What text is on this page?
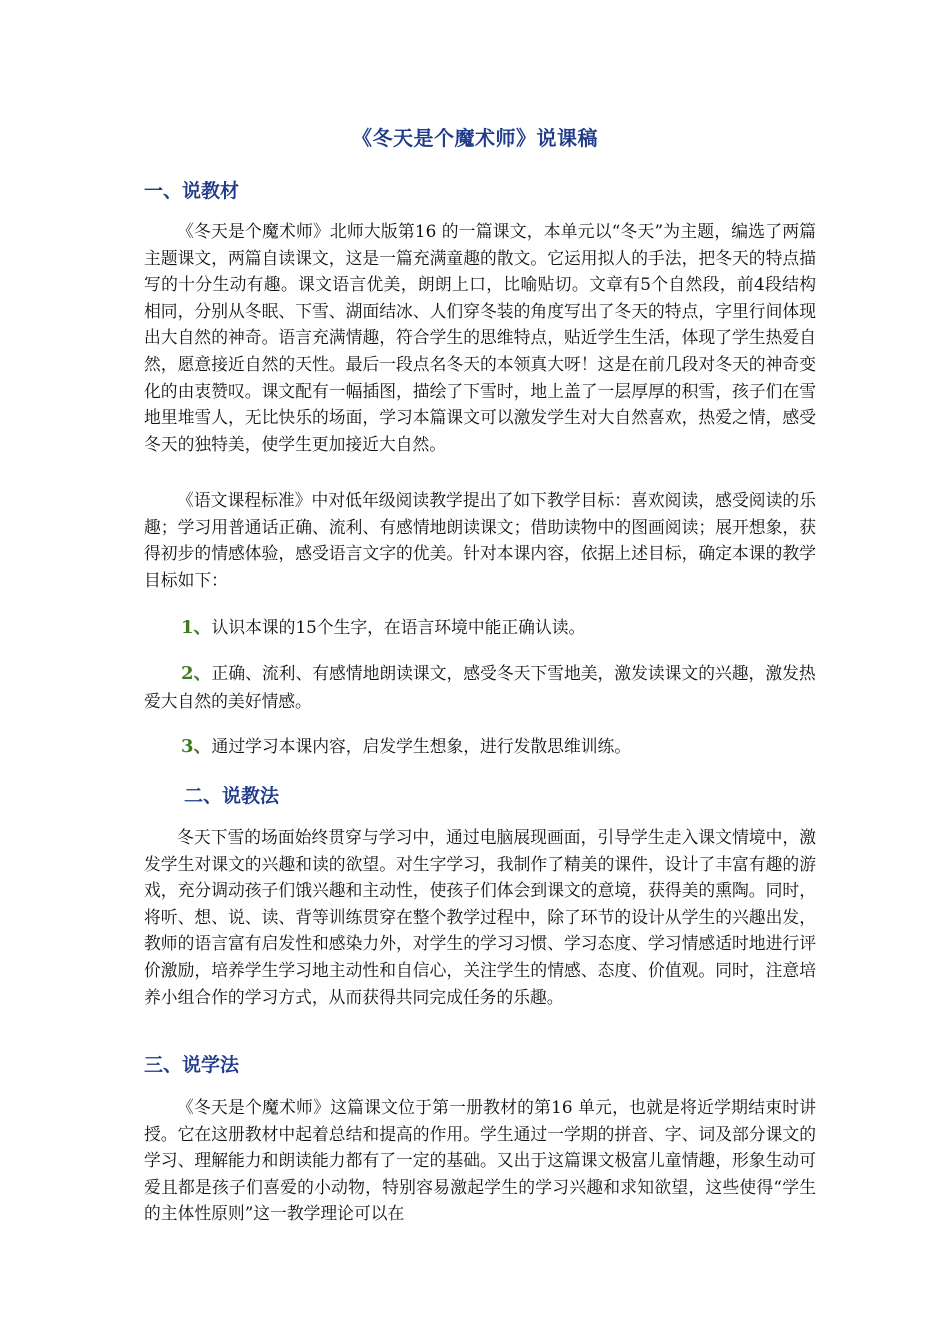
《冬天是个魔术师》说课稿
一、说教材

《冬天是个魔术师》北师大版第16 的一篇课文，本单元以“冬天”为主题，编选了两篇主题课文，两篇自读课文，这是一篇充满童趣的散文。它运用拟人的手法，把冬天的特点描写的十分生动有趣。课文语言优美，朗朗上口，比喻贴切。文章有5个自然段，前4段结构相同，分别从冬眠、下雪、湖面结冰、人们穿冬装的角度写出了冬天的特点，字里行间体现出大自然的神奇。语言充满情趣，符合学生的思维特点，贴近学生生活，体现了学生热爱自然，愿意接近自然的天性。最后一段点名冬天的本领真大呀！这是在前几段对冬天的神奇变化的由衷赞叹。课文配有一幅插图，描绘了下雪时，地上盖了一层厚厚的积雪，孩子们在雪地里堆雪人，无比快乐的场面，学习本篇课文可以激发学生对大自然喜欢，热爱之情，感受冬天的独特美，使学生更加接近大自然。

《语文课程标准》中对低年级阅读教学提出了如下教学目标：喜欢阅读，感受阅读的乐趣；学习用普通话正确、流利、有感情地朗读课文；借助读物中的图画阅读；展开想象，获得初步的情感体验，感受语言文字的优美。针对本课内容，依据上述目标，确定本课的教学目标如下：

1、认识本课的15个生字，在语言环境中能正确认读。

2、正确、流利、有感情地朗读课文，感受冬天下雪地美，激发读课文的兴趣，激发热爱大自然的美好情感。

3、通过学习本课内容，启发学生想象，进行发散思维训练。

二、说教法

冬天下雪的场面始终贯穿与学习中，通过电脑展现画面，引导学生走入课文情境中，激发学生对课文的兴趣和读的欲望。对生字学习，我制作了精美的课件，设计了丰富有趣的游戏，充分调动孩子们饿兴趣和主动性，使孩子们体会到课文的意境，获得美的熏陶。同时，将听、想、说、读、背等训练贯穿在整个教学过程中，除了环节的设计从学生的兴趣出发，教师的语言富有启发性和感染力外，对学生的学习习惯、学习态度、学习情感适时地进行评价激励，培养学生学习地主动性和自信心，关注学生的情感、态度、价值观。同时，注意培养小组合作的学习方式，从而获得共同完成任务的乐趣。

三、说学法

《冬天是个魔术师》这篇课文位于第一册教材的第16 单元，也就是将近学期结束时讲授。它在这册教材中起着总结和提高的作用。学生通过一学期的拼音、字、词及部分课文的学习、理解能力和朗读能力都有了一定的基础。又出于这篇课文极富儿童情趣，形象生动可爱且都是孩子们喜爱的小动物，特别容易激起学生的学习兴趣和求知欲望，这些使得“学生的主体性原则”这一教学理论可以在
